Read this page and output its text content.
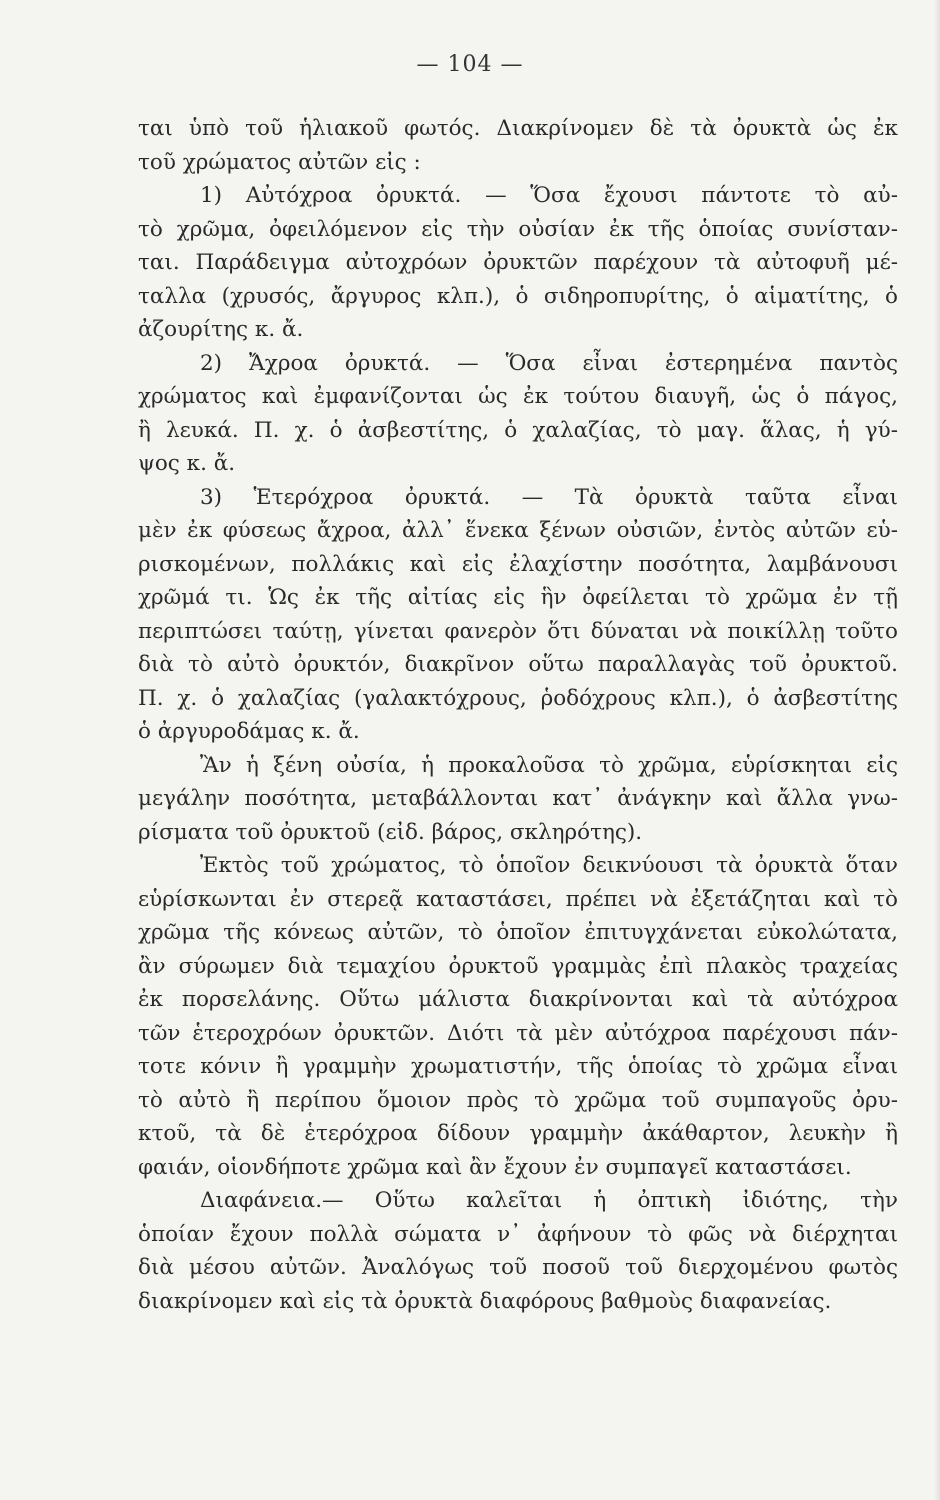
— 104 —
ται ὑπὸ τοῦ ἡλιακοῦ φωτός. Διακρίνομεν δὲ τὰ ὀρυκτὰ ὡς ἐκ
τοῦ χρώματος αὐτῶν εἰς :
1) Αὐτόχροα ὀρυκτά. — Ὅσα ἔχουσι πάντοτε τὸ αὐ-
τὸ χρῶμα, ὀφειλόμενον εἰς τὴν οὐσίαν ἐκ τῆς ὁποίας συνίσταν-
ται. Παράδειγμα αὐτοχρόων ὀρυκτῶν παρέχουν τὰ αὐτοφυῆ μέ-
ταλλα (χρυσός, ἄργυρος κλπ.), ὁ σιδηροπυρίτης, ὁ αἱματίτης, ὁ
ἀζουρίτης κ. ἄ.
2) Ἄχροα ὀρυκτά. — Ὅσα εἶναι ἐστερημένα παντὸς
χρώματος καὶ ἐμφανίζονται ὡς ἐκ τούτου διαυγῆ, ὡς ὁ πάγος,
ἢ λευκά. Π. χ. ὁ ἀσβεστίτης, ὁ χαλαζίας, τὸ μαγ. ἅλας, ἡ γύ-
ψος κ. ἄ.
3) Ἑτερόχροα ὀρυκτά. — Τὰ ὀρυκτὰ ταῦτα εἶναι
μὲν ἐκ φύσεως ἄχροα, ἀλλ᾽ ἕνεκα ξένων οὐσιῶν, ἐντὸς αὐτῶν εὑ-
ρισκομένων, πολλάκις καὶ εἰς ἐλαχίστην ποσότητα, λαμβάνουσι
χρῶμά τι. Ὡς ἐκ τῆς αἰτίας εἰς ἣν ὀφείλεται τὸ χρῶμα ἐν τῇ
περιπτώσει ταύτῃ, γίνεται φανερὸν ὅτι δύναται νὰ ποικίλλῃ τοῦτο
διὰ τὸ αὐτὸ ὀρυκτόν, διακρῖνον οὕτω παραλλαγὰς τοῦ ὀρυκτοῦ.
Π. χ. ὁ χαλαζίας (γαλακτόχρους, ῥοδόχρους κλπ.), ὁ ἀσβεστίτης
ὁ ἀργυροδάμας κ. ἄ.
Ἂν ἡ ξένη οὐσία, ἡ προκαλοῦσα τὸ χρῶμα, εὑρίσκηται εἰς
μεγάλην ποσότητα, μεταβάλλονται κατ᾽ ἀνάγκην καὶ ἄλλα γνω-
ρίσματα τοῦ ὀρυκτοῦ (εἰδ. βάρος, σκληρότης).
Ἐκτὸς τοῦ χρώματος, τὸ ὁποῖον δεικνύουσι τὰ ὀρυκτὰ ὅταν
εὑρίσκωνται ἐν στερεᾷ καταστάσει, πρέπει νὰ ἐξετάζηται καὶ τὸ
χρῶμα τῆς κόνεως αὐτῶν, τὸ ὁποῖον ἐπιτυγχάνεται εὐκολώτατα,
ἂν σύρωμεν διὰ τεμαχίου ὀρυκτοῦ γραμμὰς ἐπὶ πλακὸς τραχείας
ἐκ πορσελάνης. Οὕτω μάλιστα διακρίνονται καὶ τὰ αὐτόχροα
τῶν ἑτεροχρόων ὀρυκτῶν. Διότι τὰ μὲν αὐτόχροα παρέχουσι πάν-
τοτε κόνιν ἢ γραμμὴν χρωματιστήν, τῆς ὁποίας τὸ χρῶμα εἶναι
τὸ αὐτὸ ἢ περίπου ὅμοιον πρὸς τὸ χρῶμα τοῦ συμπαγοῦς ὀρυ-
κτοῦ, τὰ δὲ ἑτερόχροα δίδουν γραμμὴν ἀκάθαρτον, λευκὴν ἢ
φαιάν, οἱονδήποτε χρῶμα καὶ ἂν ἔχουν ἐν συμπαγεῖ καταστάσει.
Διαφάνεια.— Οὕτω καλεῖται ἡ ὀπτικὴ ἰδιότης, τὴν
ὁποίαν ἔχουν πολλὰ σώματα ν᾽ ἀφήνουν τὸ φῶς νὰ διέρχηται
διὰ μέσου αὐτῶν. Ἀναλόγως τοῦ ποσοῦ τοῦ διερχομένου φωτὸς
διακρίνομεν καὶ εἰς τὰ ὀρυκτὰ διαφόρους βαθμοὺς διαφανείας.
